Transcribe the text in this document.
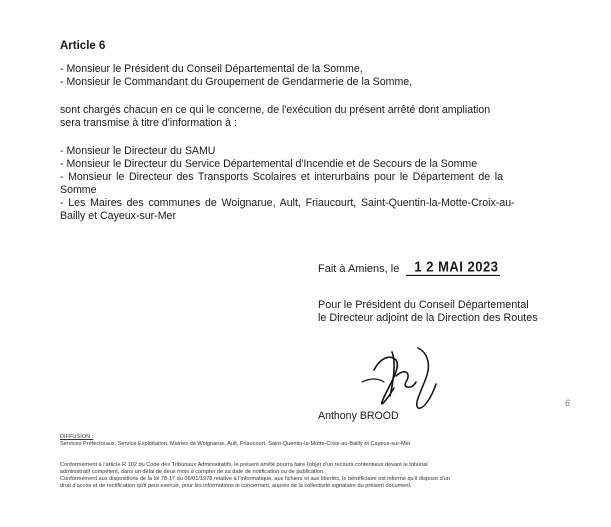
Article 6
- Monsieur le Président du Conseil Départemental de la Somme,
- Monsieur le Commandant du Groupement de Gendarmerie de la Somme,
sont chargés chacun en ce qui le concerne, de l'exécution du présent arrêté dont ampliation
sera transmise à titre d'information à :
- Monsieur le Directeur du SAMU
- Monsieur le Directeur du Service Départemental d'Incendie et de Secours de la Somme
- Monsieur le Directeur des Transports Scolaires et interurbains pour le Département de la
Somme
- Les Maires des communes de Woignarue, Ault, Friaucourt, Saint-Quentin-la-Motte-Croix-au-
Bailly et Cayeux-sur-Mer
Fait à Amiens, le 1 2 MAI 2023
Pour le Président du Conseil Départemental
le Directeur adjoint de la Direction des Routes
Anthony BROOD
6
DIFFUSION :
Services Préfectoraux, Service Exploitation, Mairies de Woignarue, Ault, Friaucourt, Saint-Quentin-la-Motte-Croix-au-Bailly et Cayeux-sur-Mer
Conformément à l'article R 102 du Code des Tribunaux Administratifs, le présent arrêté pourra faire l'objet d'un recours contentieux devant le tribunal
administratif compétent, dans un délai de deux mois à compter de sa date de notification ou de publication.
Conformément aux dispositions de la loi 78-17 du 06/01/1978 relative à l'informatique, aux fichiers et aux libertés, le bénéficiaire est informé qu'il dispose d'un
droit d'accès et de rectification qu'il peut exercer, pour les informations le concernant, auprès de la collectivité signataire du présent document.
